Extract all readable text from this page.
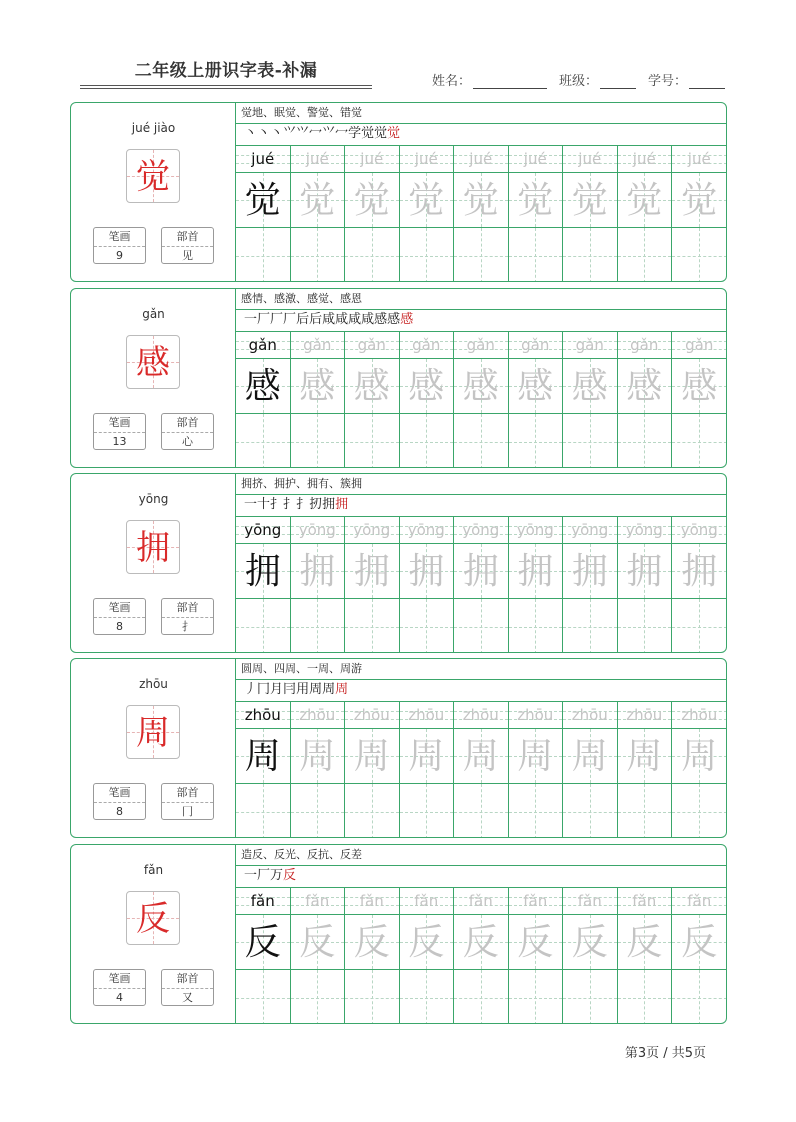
二年级上册识字表-补漏
姓名：	班级：	学号：
jué jiào
觉
笔画
9
部首
见
觉地、眠觉、警觉、错觉
丶丶丶⺍⺍冖⺍冖学觉觉觉
jué
觉
jué
觉
jué
觉
jué
觉
jué
觉
jué
觉
jué
觉
jué
觉
jué
觉
gǎn
感
笔画
13
部首
心
感情、感激、感觉、感恩
一厂厂厂后后咸咸咸咸感感感
gǎn
感
gǎn
感
gǎn
感
gǎn
感
gǎn
感
gǎn
感
gǎn
感
gǎn
感
gǎn
感
yōng
拥
笔画
8
部首
扌
拥挤、拥护、拥有、簇拥
一十扌扌扌扨拥拥
yōng
拥
yōng
拥
yōng
拥
yōng
拥
yōng
拥
yōng
拥
yōng
拥
yōng
拥
yōng
拥
zhōu
周
笔画
8
部首
冂
圆周、四周、一周、周游
丿冂月冃用周周周
zhōu
周
zhōu
周
zhōu
周
zhōu
周
zhōu
周
zhōu
周
zhōu
周
zhōu
周
zhōu
周
fǎn
反
笔画
4
部首
又
造反、反光、反抗、反差
一厂万反
fǎn
反
fǎn
反
fǎn
反
fǎn
反
fǎn
反
fǎn
反
fǎn
反
fǎn
反
fǎn
反
第3页 / 共5页
